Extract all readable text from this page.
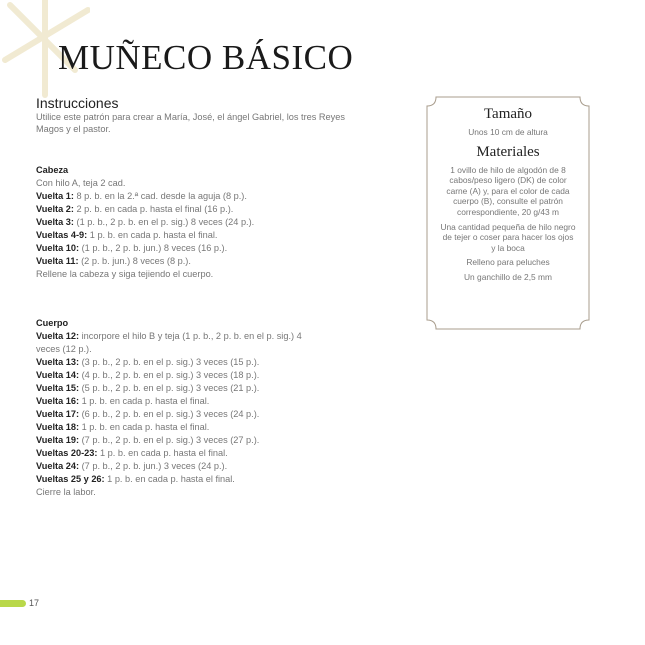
MUÑECO BÁSICO
Instrucciones
Utilice este patrón para crear a María, José, el ángel Gabriel, los tres Reyes Magos y el pastor.
Cabeza
Con hilo A, teja 2 cad.
Vuelta 1: 8 p. b. en la 2.ª cad. desde la aguja (8 p.).
Vuelta 2: 2 p. b. en cada p. hasta el final (16 p.).
Vuelta 3: (1 p. b., 2 p. b. en el p. sig.) 8 veces (24 p.).
Vueltas 4-9: 1 p. b. en cada p. hasta el final.
Vuelta 10: (1 p. b., 2 p. b. jun.) 8 veces (16 p.).
Vuelta 11: (2 p. b. jun.) 8 veces (8 p.).
Rellene la cabeza y siga tejiendo el cuerpo.
Cuerpo
Vuelta 12: incorpore el hilo B y teja (1 p. b., 2 p. b. en el p. sig.) 4 veces (12 p.).
Vuelta 13: (3 p. b., 2 p. b. en el p. sig.) 3 veces (15 p.).
Vuelta 14: (4 p. b., 2 p. b. en el p. sig.) 3 veces (18 p.).
Vuelta 15: (5 p. b., 2 p. b. en el p. sig.) 3 veces (21 p.).
Vuelta 16: 1 p. b. en cada p. hasta el final.
Vuelta 17: (6 p. b., 2 p. b. en el p. sig.) 3 veces (24 p.).
Vuelta 18: 1 p. b. en cada p. hasta el final.
Vuelta 19: (7 p. b., 2 p. b. en el p. sig.) 3 veces (27 p.).
Vueltas 20-23: 1 p. b. en cada p. hasta el final.
Vuelta 24: (7 p. b., 2 p. b. jun.) 3 veces (24 p.).
Vueltas 25 y 26: 1 p. b. en cada p. hasta el final.
Cierre la labor.
Tamaño
Unos 10 cm de altura
Materiales
1 ovillo de hilo de algodón de 8 cabos/peso ligero (DK) de color carne (A) y, para el color de cada cuerpo (B), consulte el patrón correspondiente, 20 g/43 m
Una cantidad pequeña de hilo negro de tejer o coser para hacer los ojos y la boca
Relleno para peluches
Un ganchillo de 2,5 mm
17
